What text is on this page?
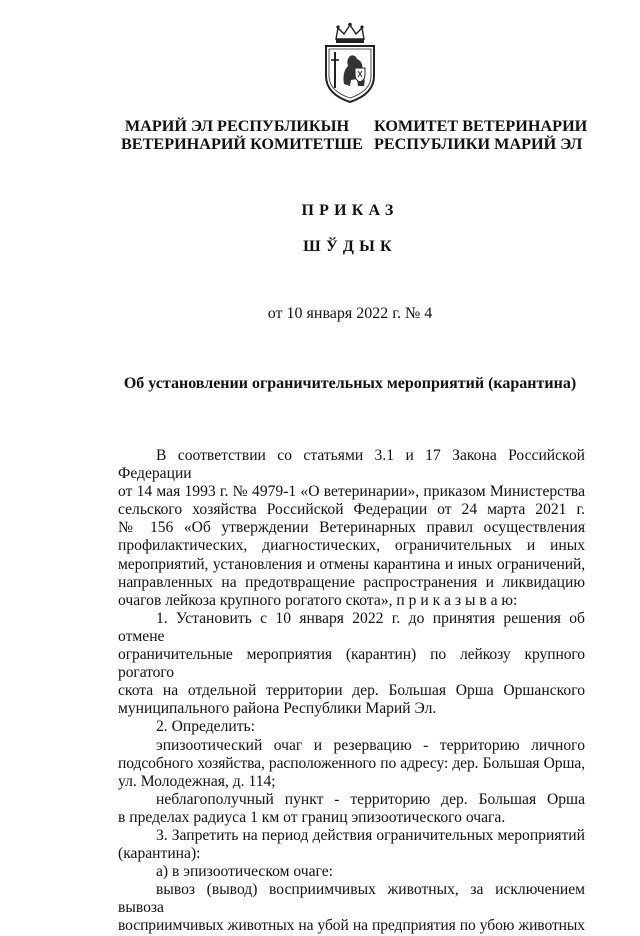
МАРИЙ ЭЛ РЕСПУБЛИКЫН
ВЕТЕРИНАРИЙ КОМИТЕТШЕ
КОМИТЕТ ВЕТЕРИНАРИИ
РЕСПУБЛИКИ МАРИЙ ЭЛ
ПРИКАЗ
ШЎДЫК
от 10 января 2022 г. № 4
Об установлении ограничительных мероприятий (карантина)

В соответствии со статьями 3.1 и 17 Закона Российской Федерации

от 14 мая 1993 г. № 4979-1 «О ветеринарии», приказом Министерства

сельского хозяйства Российской Федерации от 24 марта 2021 г.

№ 156 «Об утверждении Ветеринарных правил осуществления

профилактических, диагностических, ограничительных и иных

мероприятий, установления и отмены карантина и иных ограничений,

направленных на предотвращение распространения и ликвидацию

очагов лейкоза крупного рогатого скота», п р и к а з ы в а ю:

1. Установить с 10 января 2022 г. до принятия решения об отмене

ограничительные мероприятия (карантин) по лейкозу крупного рогатого

скота на отдельной территории дер. Большая Орша Оршанского

муниципального района Республики Марий Эл.

2. Определить:

эпизоотический очаг и резервацию - территорию личного

подсобного хозяйства, расположенного по адресу: дер. Большая Орша,

ул. Молодежная, д. 114;

неблагополучный пункт - территорию дер. Большая Орша

в пределах радиуса 1 км от границ эпизоотического очага.

3. Запретить на период действия ограничительных мероприятий

(карантина):

а) в эпизоотическом очаге:

вывоз (вывод) восприимчивых животных, за исключением вывоза

восприимчивых животных на убой на предприятия по убою животных
